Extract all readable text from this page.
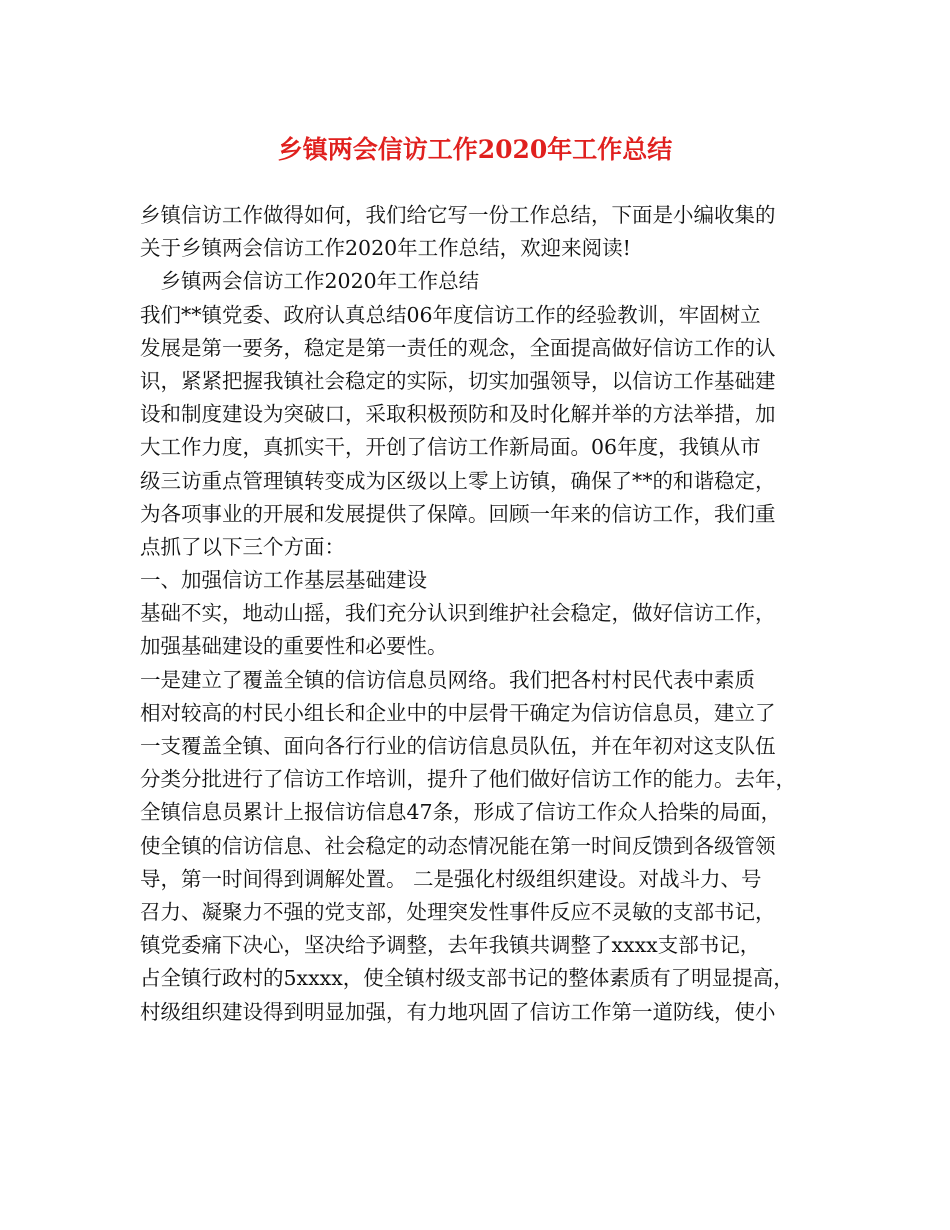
乡镇两会信访工作2020年工作总结
乡镇信访工作做得如何，我们给它写一份工作总结，下面是小编收集的
关于乡镇两会信访工作2020年工作总结，欢迎来阅读!
　乡镇两会信访工作2020年工作总结
我们**镇党委、政府认真总结06年度信访工作的经验教训，牢固树立
发展是第一要务，稳定是第一责任的观念，全面提高做好信访工作的认
识，紧紧把握我镇社会稳定的实际，切实加强领导，以信访工作基础建
设和制度建设为突破口，采取积极预防和及时化解并举的方法举措，加
大工作力度，真抓实干，开创了信访工作新局面。06年度，我镇从市
级三访重点管理镇转变成为区级以上零上访镇，确保了**的和谐稳定，
为各项事业的开展和发展提供了保障。回顾一年来的信访工作，我们重
点抓了以下三个方面：
一、加强信访工作基层基础建设
基础不实，地动山摇，我们充分认识到维护社会稳定，做好信访工作，
加强基础建设的重要性和必要性。
一是建立了覆盖全镇的信访信息员网络。我们把各村村民代表中素质
相对较高的村民小组长和企业中的中层骨干确定为信访信息员，建立了
一支覆盖全镇、面向各行行业的信访信息员队伍，并在年初对这支队伍
分类分批进行了信访工作培训，提升了他们做好信访工作的能力。去年，
全镇信息员累计上报信访信息47条，形成了信访工作众人拾柴的局面，
使全镇的信访信息、社会稳定的动态情况能在第一时间反馈到各级管领
导，第一时间得到调解处置。 二是强化村级组织建设。对战斗力、号
召力、凝聚力不强的党支部，处理突发性事件反应不灵敏的支部书记，
镇党委痛下决心，坚决给予调整，去年我镇共调整了xxxx支部书记，
占全镇行政村的5xxxx，使全镇村级支部书记的整体素质有了明显提高，
村级组织建设得到明显加强，有力地巩固了信访工作第一道防线，使小
